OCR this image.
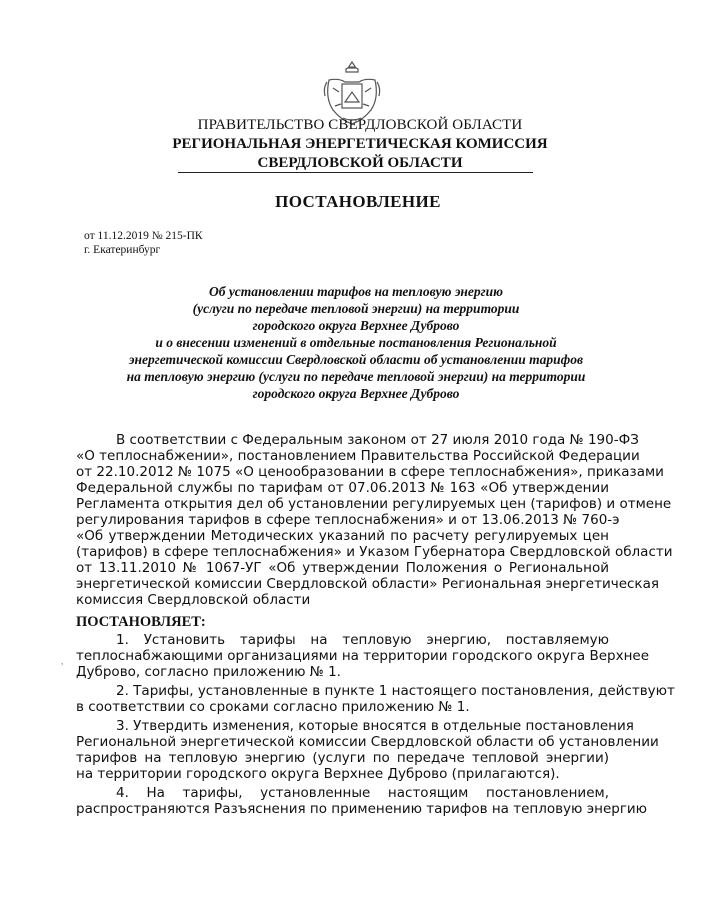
ПРАВИТЕЛЬСТВО СВЕРДЛОВСКОЙ ОБЛАСТИ
РЕГИОНАЛЬНАЯ ЭНЕРГЕТИЧЕСКАЯ КОМИССИЯ
СВЕРДЛОВСКОЙ ОБЛАСТИ
ПОСТАНОВЛЕНИЕ
от 11.12.2019 № 215-ПК
г. Екатеринбург
Об установлении тарифов на тепловую энергию
(услуги по передаче тепловой энергии) на территории
городского округа Верхнее Дуброво
и о внесении изменений в отдельные постановления Региональной
энергетической комиссии Свердловской области об установлении тарифов
на тепловую энергию (услуги по передаче тепловой энергии) на территории
городского округа Верхнее Дуброво
В соответствии с Федеральным законом от 27 июля 2010 года № 190-ФЗ
«О теплоснабжении», постановлением Правительства Российской Федерации
от 22.10.2012 № 1075 «О ценообразовании в сфере теплоснабжения», приказами
Федеральной службы по тарифам от 07.06.2013 № 163 «Об утверждении
Регламента открытия дел об установлении регулируемых цен (тарифов) и отмене
регулирования тарифов в сфере теплоснабжения» и от 13.06.2013 № 760-э
«Об утверждении Методических указаний по расчету регулируемых цен
(тарифов) в сфере теплоснабжения» и Указом Губернатора Свердловской области
от 13.11.2010 № 1067-УГ «Об утверждении Положения о Региональной
энергетической комиссии Свердловской области» Региональная энергетическая
комиссия Свердловской области
ПОСТАНОВЛЯЕТ:
,
1. Установить тарифы на тепловую энергию, поставляемую
теплоснабжающими организациями на территории городского округа Верхнее
Дуброво, согласно приложению № 1.
2. Тарифы, установленные в пункте 1 настоящего постановления, действуют
в соответствии со сроками согласно приложению № 1.
3. Утвердить изменения, которые вносятся в отдельные постановления
Региональной энергетической комиссии Свердловской области об установлении
тарифов на тепловую энергию (услуги по передаче тепловой энергии)
на территории городского округа Верхнее Дуброво (прилагаются).
4. На тарифы, установленные настоящим постановлением,
распространяются Разъяснения по применению тарифов на тепловую энергию
